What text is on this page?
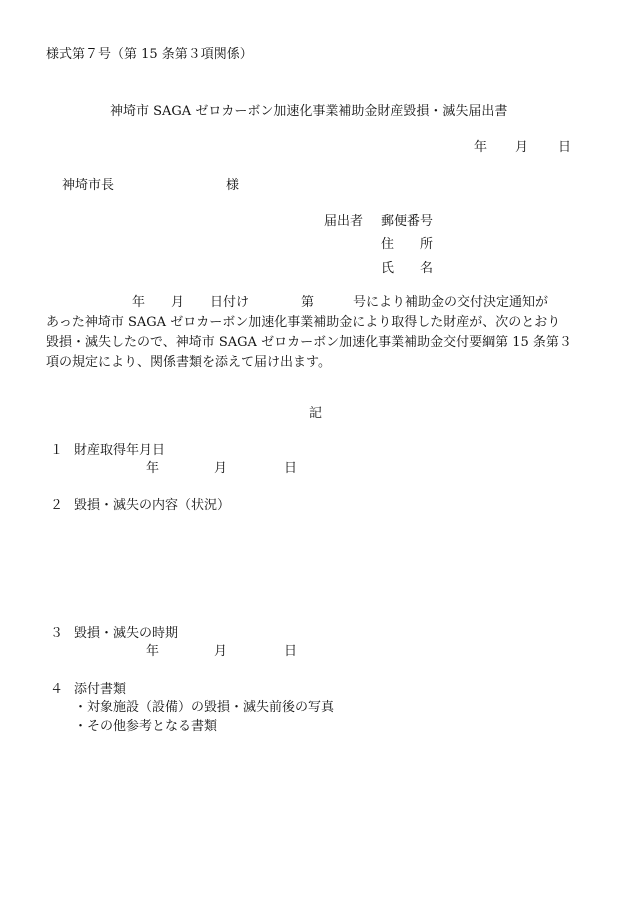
様式第７号（第 15 条第３項関係）
神埼市 SAGA ゼロカーボン加速化事業補助金財産毀損・滅失届出書
年 月 日
神埼市長	様
届出者 郵便番号
住　　所
氏　　名
年　　月　　日付け　　　　第　　　号により補助金の交付決定通知が
あった神埼市 SAGA ゼロカーボン加速化事業補助金により取得した財産が、次のとおり
毀損・滅失したので、神埼市 SAGA ゼロカーボン加速化事業補助金交付要綱第 15 条第３
項の規定により、関係書類を添えて届け出ます。
記
１ 財産取得年月日
年	月	日
２ 毀損・滅失の内容（状況）
３ 毀損・滅失の時期
年	月	日
４ 添付書類
・対象施設（設備）の毀損・滅失前後の写真
・その他参考となる書類
